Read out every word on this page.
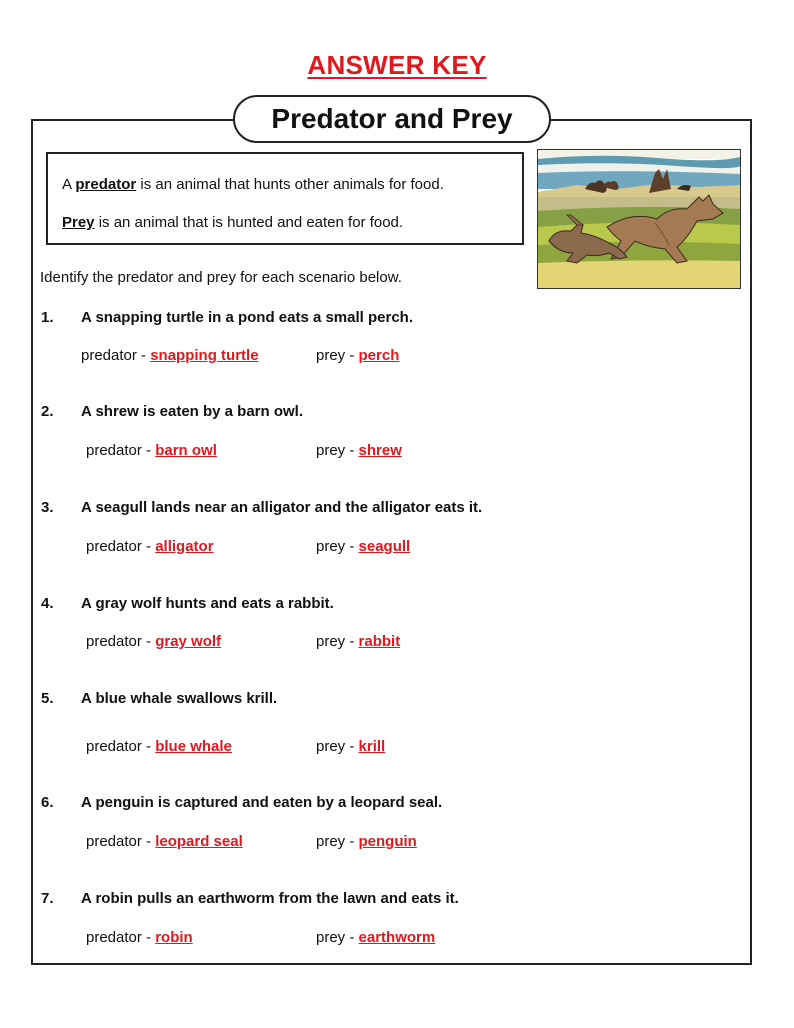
ANSWER KEY
Predator and Prey
A predator is an animal that hunts other animals for food.
Prey is an animal that is hunted and eaten for food.
Identify the predator and prey for each scenario below.
1. A snapping turtle in a pond eats a small perch.
predator - snapping turtle	prey - perch
2. A shrew is eaten by a barn owl.
predator - barn owl	prey - shrew
3. A seagull lands near an alligator and the alligator eats it.
predator - alligator	prey - seagull
4. A gray wolf hunts and eats a rabbit.
predator - gray wolf	prey - rabbit
5. A blue whale swallows krill.
predator - blue whale	prey - krill
6. A penguin is captured and eaten by a leopard seal.
predator - leopard seal	prey - penguin
7. A robin pulls an earthworm from the lawn and eats it.
predator - robin	prey - earthworm
